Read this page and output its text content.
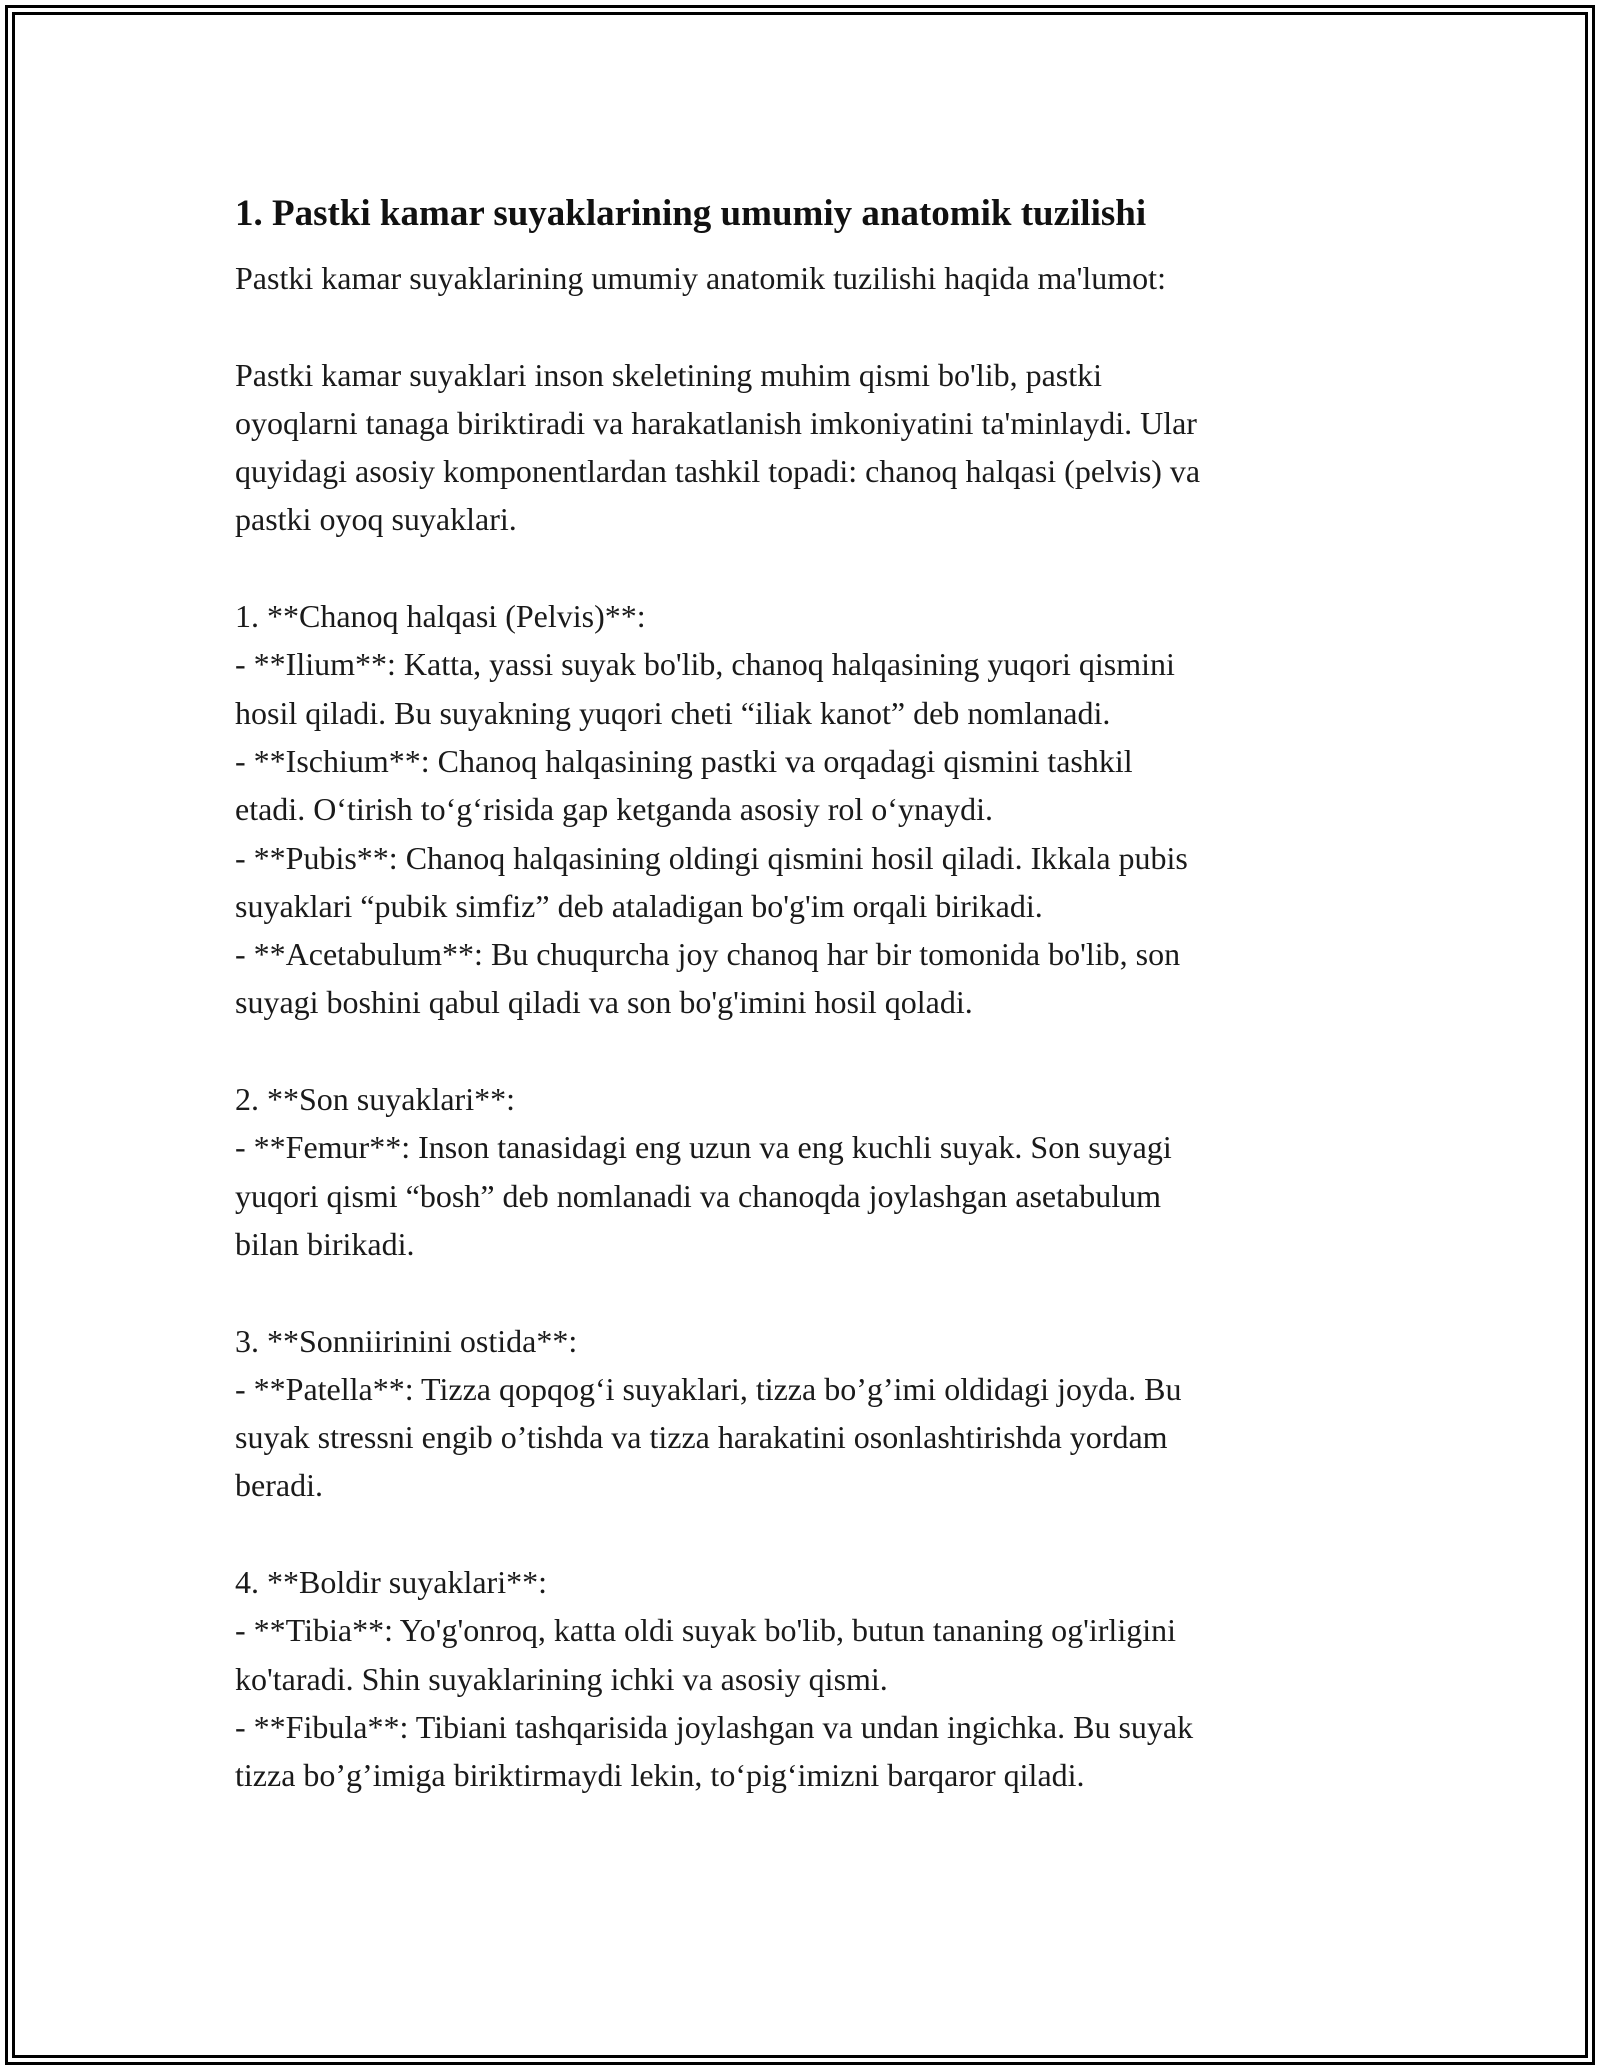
1. Pastki kamar suyaklarining umumiy anatomik tuzilishi

Pastki kamar suyaklarining umumiy anatomik tuzilishi haqida ma'lumot:

Pastki kamar suyaklari inson skeletining muhim qismi bo'lib, pastki
oyoqlarni tanaga biriktiradi va harakatlanish imkoniyatini ta'minlaydi. Ular
quyidagi asosiy komponentlardan tashkil topadi: chanoq halqasi (pelvis) va
pastki oyoq suyaklari.

1. **Chanoq halqasi (Pelvis)**:
- **Ilium**: Katta, yassi suyak bo'lib, chanoq halqasining yuqori qismini
hosil qiladi. Bu suyakning yuqori cheti “iliak kanot” deb nomlanadi.
- **Ischium**: Chanoq halqasining pastki va orqadagi qismini tashkil
etadi. O‘tirish to‘g‘risida gap ketganda asosiy rol o‘ynaydi.
- **Pubis**: Chanoq halqasining oldingi qismini hosil qiladi. Ikkala pubis
suyaklari “pubik simfiz” deb ataladigan bo'g'im orqali birikadi.
- **Acetabulum**: Bu chuqurcha joy chanoq har bir tomonida bo'lib, son
suyagi boshini qabul qiladi va son bo'g'imini hosil qoladi.

2. **Son suyaklari**:
- **Femur**: Inson tanasidagi eng uzun va eng kuchli suyak. Son suyagi
yuqori qismi “bosh” deb nomlanadi va chanoqda joylashgan asetabulum
bilan birikadi.

3. **Sonniirinini ostida**:
- **Patella**: Tizza qopqog‘i suyaklari, tizza bo’g’imi oldidagi joyda. Bu
suyak stressni engib o’tishda va tizza harakatini osonlashtirishda yordam
beradi.

4. **Boldir suyaklari**:
- **Tibia**: Yo'g'onroq, katta oldi suyak bo'lib, butun tananing og'irligini
ko'taradi. Shin suyaklarining ichki va asosiy qismi.
- **Fibula**: Tibiani tashqarisida joylashgan va undan ingichka. Bu suyak
tizza bo’g’imiga biriktirmaydi lekin, to‘pig‘imizni barqaror qiladi.
